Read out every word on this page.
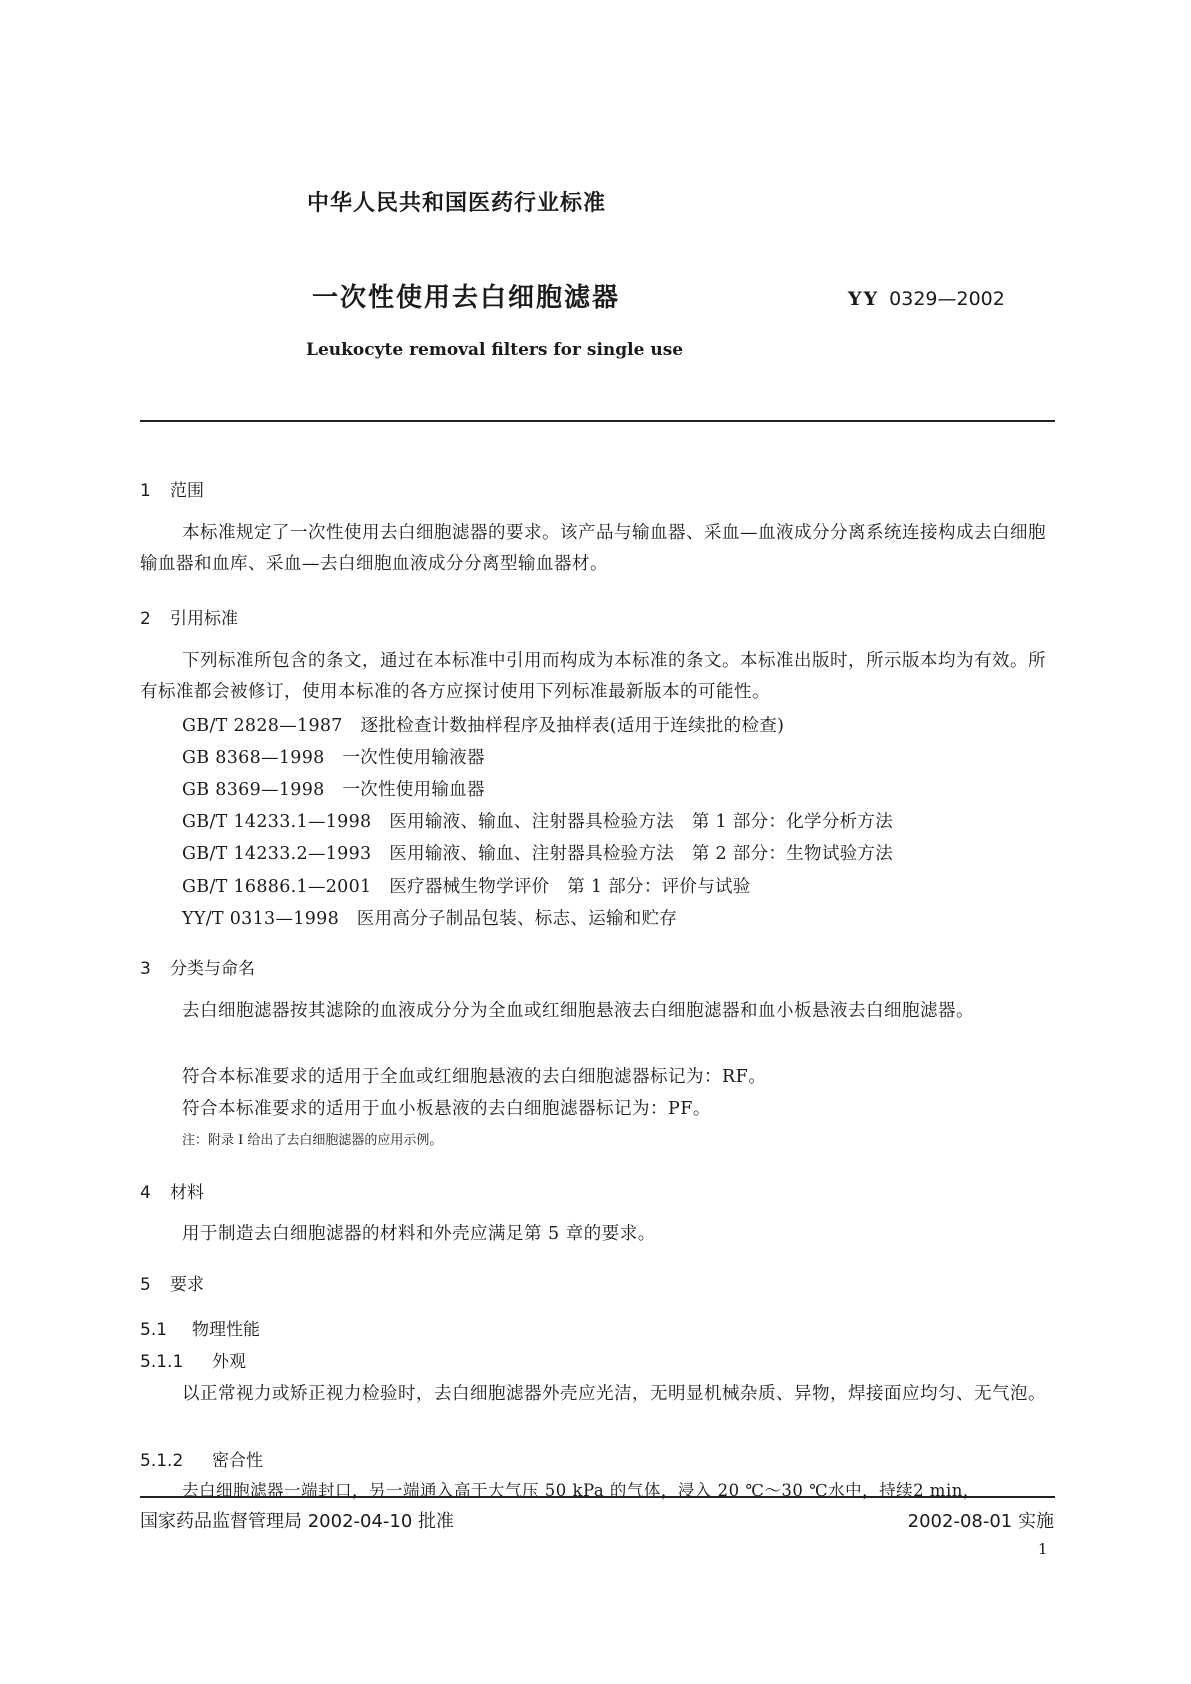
中华人民共和国医药行业标准
一次性使用去白细胞滤器	YY 0329—2002
Leukocyte removal filters for single use
1 范围
本标准规定了一次性使用去白细胞滤器的要求。该产品与输血器、采血—血液成分分离系统连接构成去白细胞输血器和血库、采血—去白细胞血液成分分离型输血器材。
2 引用标准
下列标准所包含的条文，通过在本标准中引用而构成为本标准的条文。本标准出版时，所示版本均为有效。所有标准都会被修订，使用本标准的各方应探讨使用下列标准最新版本的可能性。
GB/T 2828—1987　逐批检查计数抽样程序及抽样表(适用于连续批的检查)
GB 8368—1998　一次性使用输液器
GB 8369—1998　一次性使用输血器
GB/T 14233.1—1998　医用输液、输血、注射器具检验方法　第 1 部分：化学分析方法
GB/T 14233.2—1993　医用输液、输血、注射器具检验方法　第 2 部分：生物试验方法
GB/T 16886.1—2001　医疗器械生物学评价　第 1 部分：评价与试验
YY/T 0313—1998　医用高分子制品包装、标志、运输和贮存
3 分类与命名
去白细胞滤器按其滤除的血液成分分为全血或红细胞悬液去白细胞滤器和血小板悬液去白细胞滤器。
符合本标准要求的适用于全血或红细胞悬液的去白细胞滤器标记为：RF。
符合本标准要求的适用于血小板悬液的去白细胞滤器标记为：PF。
注：附录 I 给出了去白细胞滤器的应用示例。
4 材料
用于制造去白细胞滤器的材料和外壳应满足第 5 章的要求。
5 要求
5.1 物理性能
5.1.1 外观
以正常视力或矫正视力检验时，去白细胞滤器外壳应光洁，无明显机械杂质、异物，焊接面应均匀、无气泡。
5.1.2 密合性
去白细胞滤器一端封口，另一端通入高于大气压 50 kPa 的气体，浸入 20 ℃～30 ℃水中，持续2 min，
国家药品监督管理局 2002-04-10 批准	2002-08-01 实施
1
